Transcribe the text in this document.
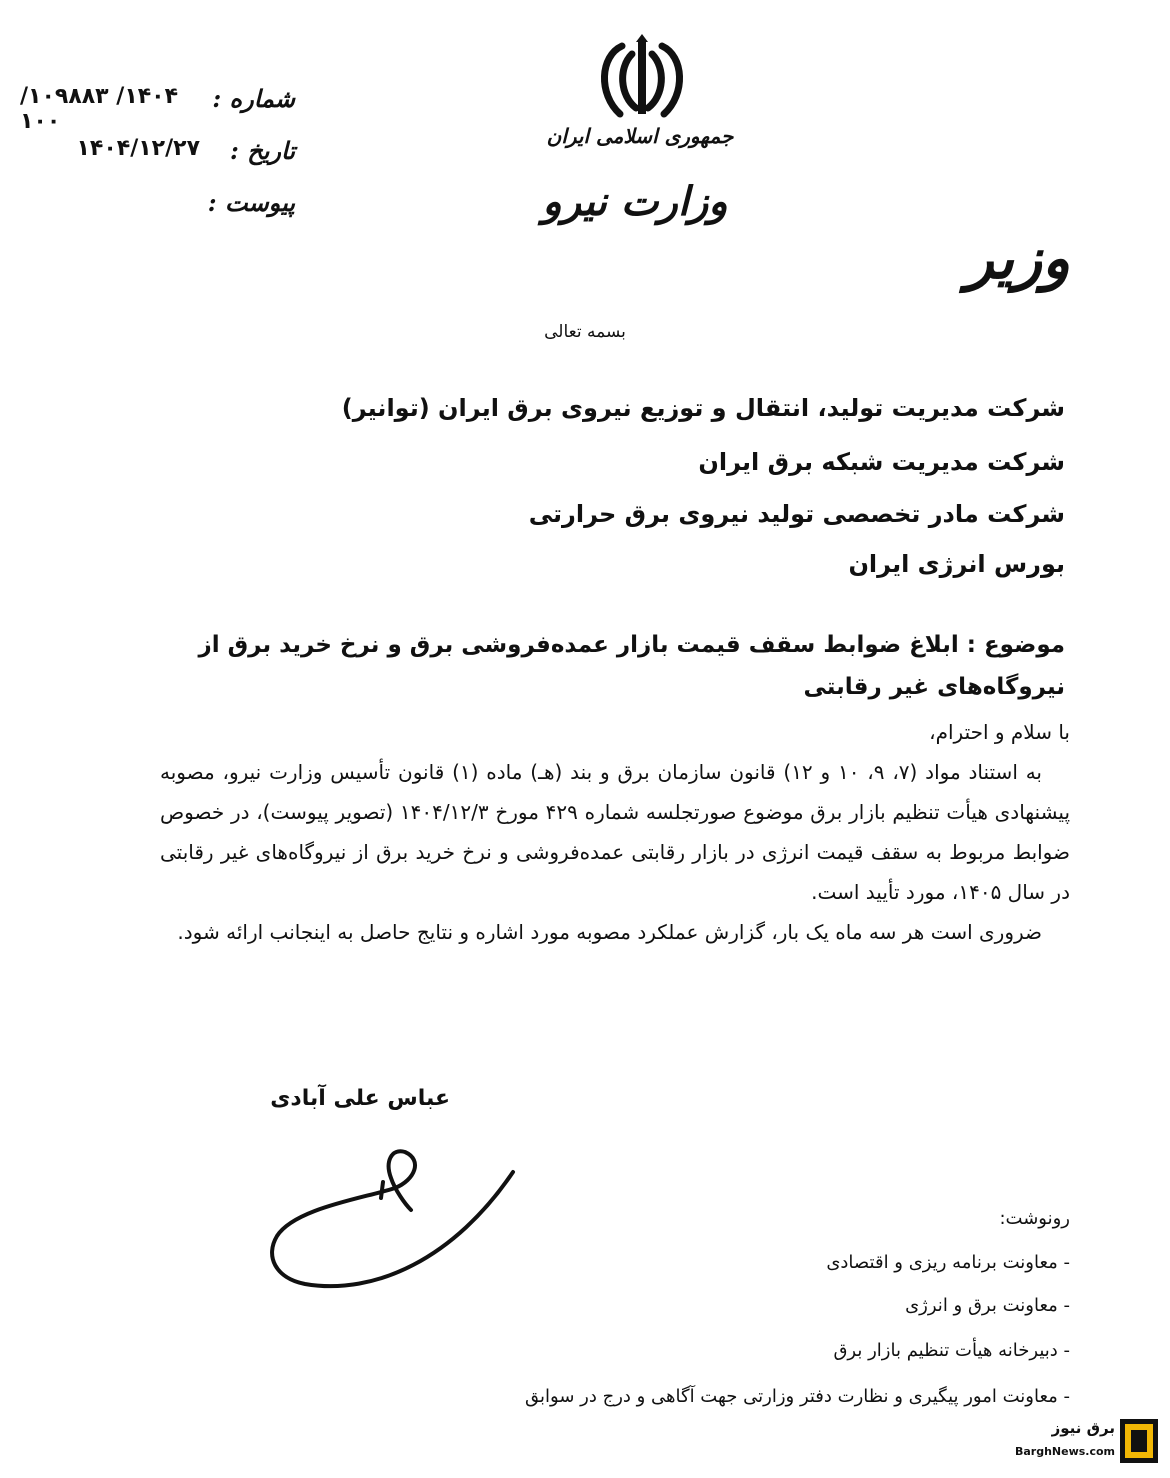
۱۴۰۴/ ۱۰۹۸۸۳/ ۱۰۰
شماره :
۱۴۰۴/۱۲/۲۷ تاریخ :
پیوست :
جمهوری اسلامی ایران
وزارت نیرو
وزیر
بسمه تعالی
شرکت مدیریت تولید، انتقال و توزیع نیروی برق ایران (توانیر)
شرکت مدیریت شبکه برق ایران
شرکت مادر تخصصی تولید نیروی برق حرارتی
بورس انرژی ایران
موضوع : ابلاغ ضوابط سقف قیمت بازار عمده‌فروشی برق و نرخ خرید برق از نیروگاه‌های غیر رقابتی

با سلام و احترام،

به استناد مواد (۷، ۹، ۱۰ و ۱۲) قانون سازمان برق و بند (هـ) ماده (۱) قانون تأسیس وزارت نیرو، مصوبه پیشنهادی هیأت تنظیم بازار برق موضوع صورتجلسه شماره ۴۲۹ مورخ ۱۴۰۴/۱۲/۳ (تصویر پیوست)، در خصوص ضوابط مربوط به سقف قیمت انرژی در بازار رقابتی عمده‌فروشی و نرخ خرید برق از نیروگاه‌های غیر رقابتی در سال ۱۴۰۵، مورد تأیید است.

ضروری است هر سه ماه یک بار، گزارش عملکرد مصوبه مورد اشاره و نتایج حاصل به اینجانب ارائه شود.

عباس علی آبادی
رونوشت:
- معاونت برنامه ریزی و اقتصادی
- معاونت برق و انرژی
- دبیرخانه هیأت تنظیم بازار برق
- معاونت امور پیگیری و نظارت دفتر وزارتی جهت آگاهی و درج در سوابق
برق نیوز
BarghNews.com
